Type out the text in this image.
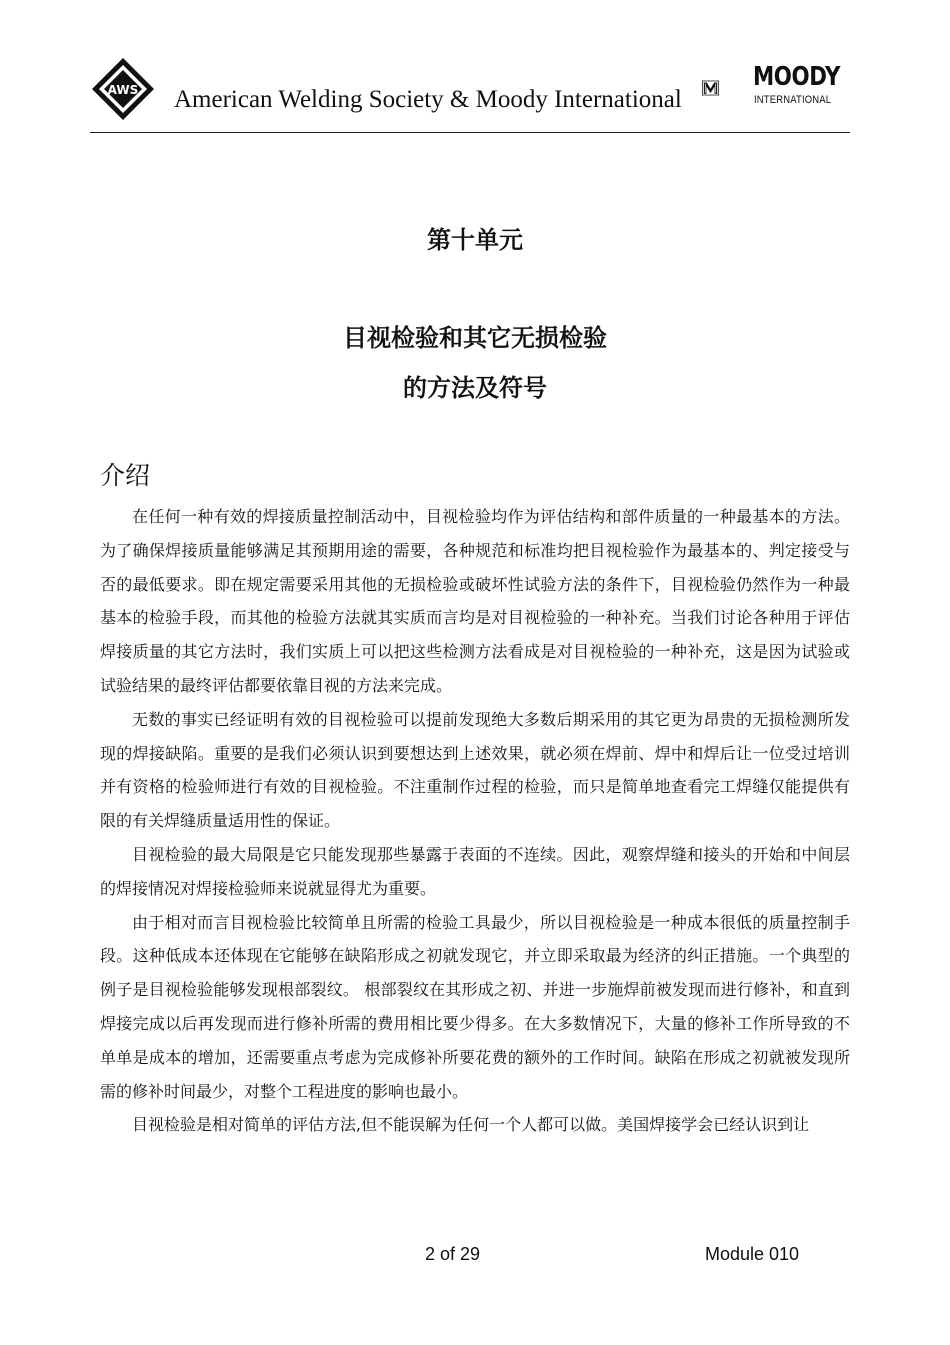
AWS American Welding Society & Moody International
MOODY
INTERNATIONAL
第十单元
目视检验和其它无损检验
的方法及符号
介绍

在任何一种有效的焊接质量控制活动中，目视检验均作为评估结构和部件质量的一种最基本的方法。为了确保焊接质量能够满足其预期用途的需要，各种规范和标准均把目视检验作为最基本的、判定接受与否的最低要求。即在规定需要采用其他的无损检验或破坏性试验方法的条件下，目视检验仍然作为一种最基本的检验手段，而其他的检验方法就其实质而言均是对目视检验的一种补充。当我们讨论各种用于评估焊接质量的其它方法时，我们实质上可以把这些检测方法看成是对目视检验的一种补充，这是因为试验或试验结果的最终评估都要依靠目视的方法来完成。

无数的事实已经证明有效的目视检验可以提前发现绝大多数后期采用的其它更为昂贵的无损检测所发现的焊接缺陷。重要的是我们必须认识到要想达到上述效果，就必须在焊前、焊中和焊后让一位受过培训并有资格的检验师进行有效的目视检验。不注重制作过程的检验，而只是简单地查看完工焊缝仅能提供有限的有关焊缝质量适用性的保证。

目视检验的最大局限是它只能发现那些暴露于表面的不连续。因此，观察焊缝和接头的开始和中间层的焊接情况对焊接检验师来说就显得尤为重要。

由于相对而言目视检验比较简单且所需的检验工具最少，所以目视检验是一种成本很低的质量控制手段。这种低成本还体现在它能够在缺陷形成之初就发现它，并立即采取最为经济的纠正措施。一个典型的例子是目视检验能够发现根部裂纹。 根部裂纹在其形成之初、并进一步施焊前被发现而进行修补，和直到焊接完成以后再发现而进行修补所需的费用相比要少得多。在大多数情况下，大量的修补工作所导致的不单单是成本的增加，还需要重点考虑为完成修补所要花费的额外的工作时间。缺陷在形成之初就被发现所需的修补时间最少，对整个工程进度的影响也最小。

目视检验是相对简单的评估方法,但不能误解为任何一个人都可以做。美国焊接学会已经认识到让

2 of 29	Module 010
